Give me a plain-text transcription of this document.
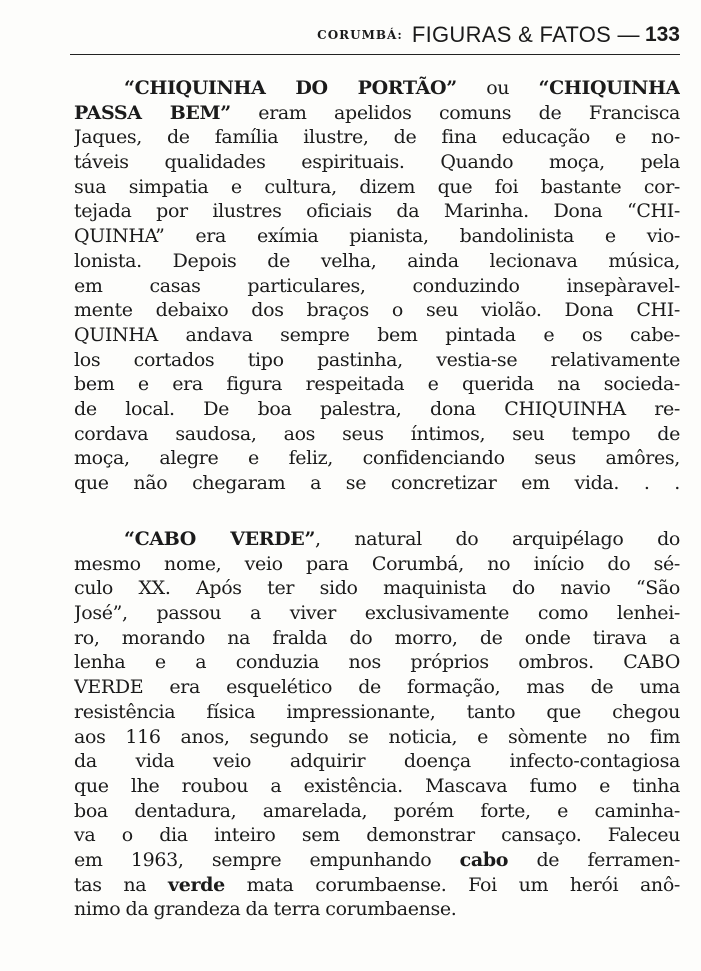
CORUMBÁ: FIGURAS & FATOS — 133
“CHIQUINHA DO PORTÃO” ou “CHIQUINHA
PASSA BEM” eram apelidos comuns de Francisca
Jaques, de família ilustre, de fina educação e no-
táveis qualidades espirituais. Quando moça, pela
sua simpatia e cultura, dizem que foi bastante cor-
tejada por ilustres oficiais da Marinha. Dona “CHI-
QUINHA” era exímia pianista, bandolinista e vio-
lonista. Depois de velha, ainda lecionava música,
em casas particulares, conduzindo insepàravel-
mente debaixo dos braços o seu violão. Dona CHI-
QUINHA andava sempre bem pintada e os cabe-
los cortados tipo pastinha, vestia-se relativamente
bem e era figura respeitada e querida na socieda-
de local. De boa palestra, dona CHIQUINHA re-
cordava saudosa, aos seus íntimos, seu tempo de
moça, alegre e feliz, confidenciando seus amôres,
que não chegaram a se concretizar em vida. . .
“CABO VERDE”, natural do arquipélago do
mesmo nome, veio para Corumbá, no início do sé-
culo XX. Após ter sido maquinista do navio “São
José”, passou a viver exclusivamente como lenhei-
ro, morando na fralda do morro, de onde tirava a
lenha e a conduzia nos próprios ombros. CABO
VERDE era esquelético de formação, mas de uma
resistência física impressionante, tanto que chegou
aos 116 anos, segundo se noticia, e sòmente no fim
da vida veio adquirir doença infecto-contagiosa
que lhe roubou a existência. Mascava fumo e tinha
boa dentadura, amarelada, porém forte, e caminha-
va o dia inteiro sem demonstrar cansaço. Faleceu
em 1963, sempre empunhando cabo de ferramen-
tas na verde mata corumbaense. Foi um herói anô-
nimo da grandeza da terra corumbaense.
